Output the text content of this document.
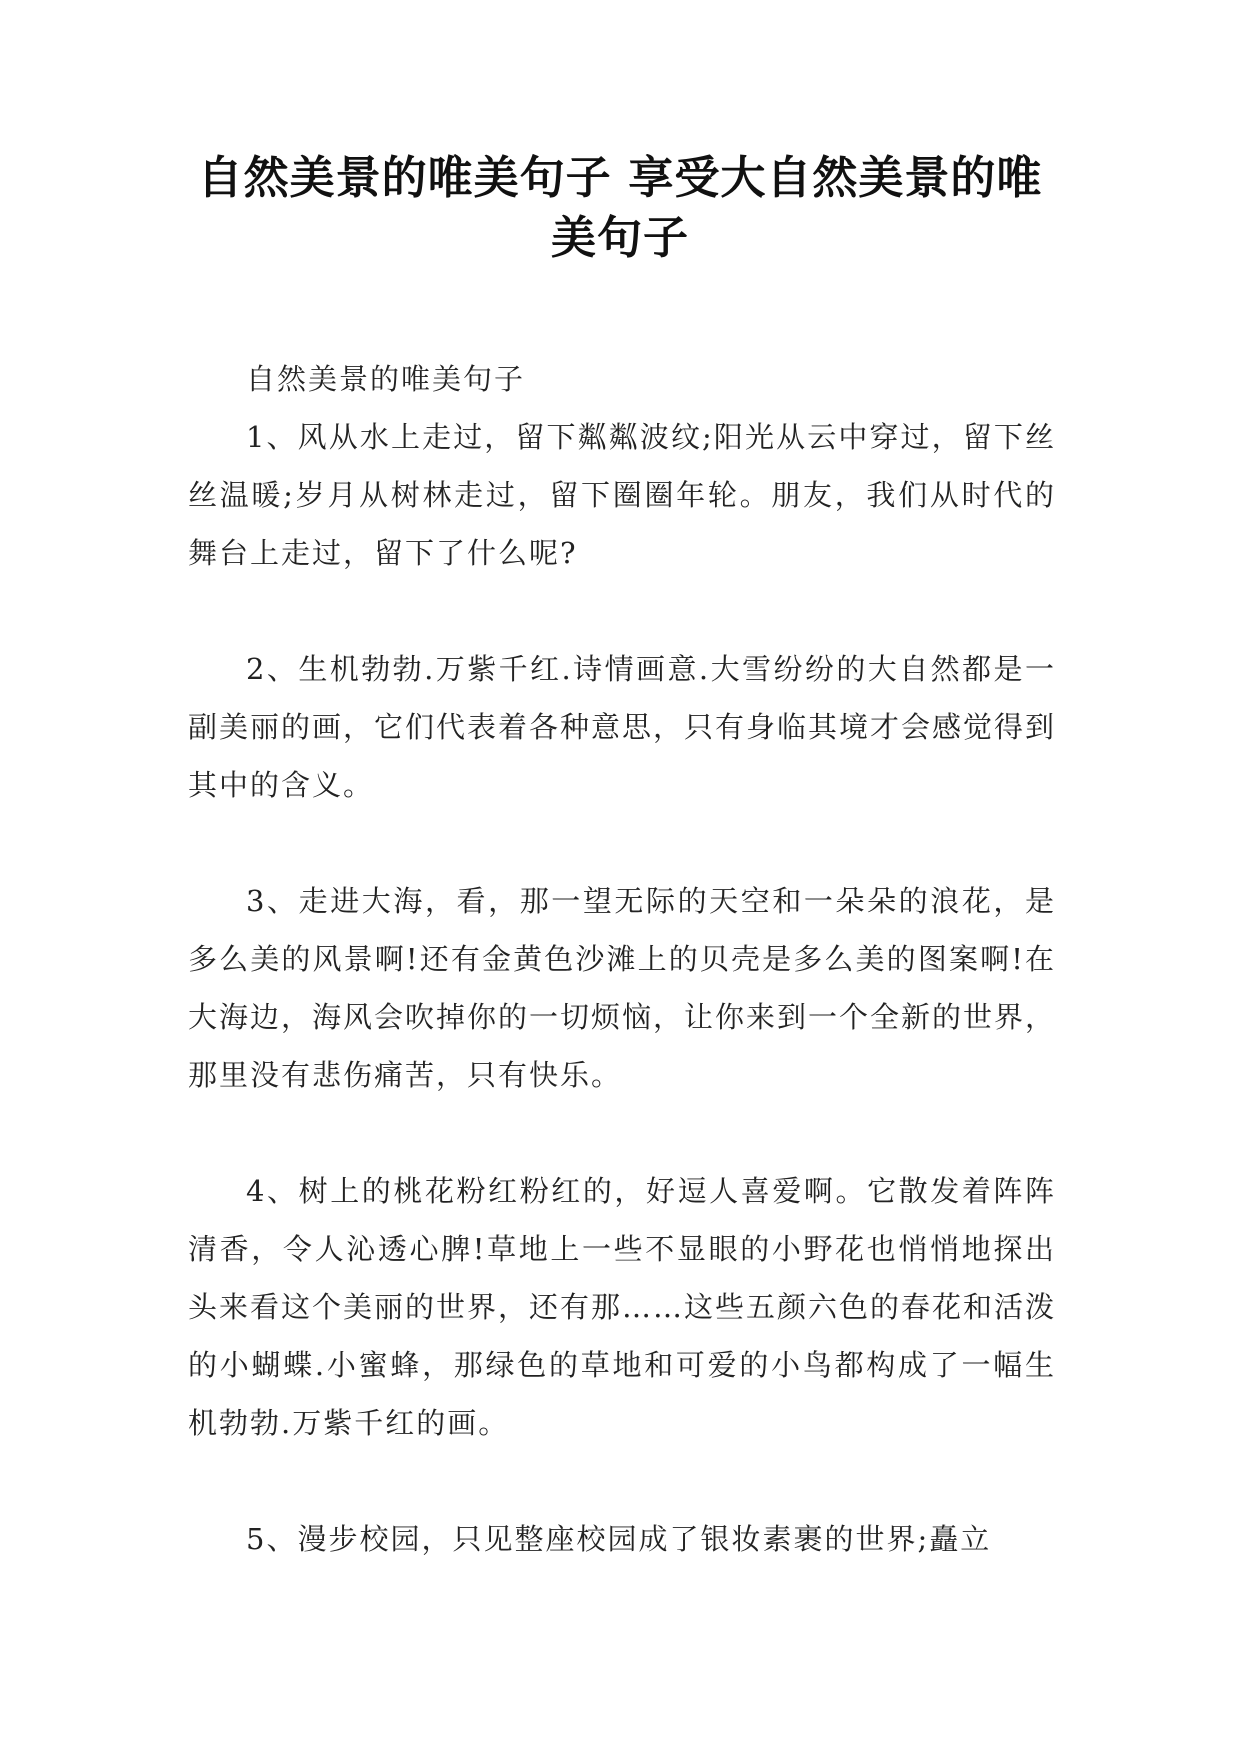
自然美景的唯美句子 享受大自然美景的唯
美句子

自然美景的唯美句子

1、风从水上走过，留下粼粼波纹;阳光从云中穿过，留下丝丝温暖;岁月从树林走过，留下圈圈年轮。朋友，我们从时代的舞台上走过，留下了什么呢?

2、生机勃勃.万紫千红.诗情画意.大雪纷纷的大自然都是一副美丽的画，它们代表着各种意思，只有身临其境才会感觉得到其中的含义。

3、走进大海，看，那一望无际的天空和一朵朵的浪花，是多么美的风景啊!还有金黄色沙滩上的贝壳是多么美的图案啊!在大海边，海风会吹掉你的一切烦恼，让你来到一个全新的世界，那里没有悲伤痛苦，只有快乐。

4、树上的桃花粉红粉红的，好逗人喜爱啊。它散发着阵阵清香，令人沁透心脾!草地上一些不显眼的小野花也悄悄地探出头来看这个美丽的世界，还有那……这些五颜六色的春花和活泼的小蝴蝶.小蜜蜂，那绿色的草地和可爱的小鸟都构成了一幅生机勃勃.万紫千红的画。

5、漫步校园，只见整座校园成了银妆素裹的世界;矗立
